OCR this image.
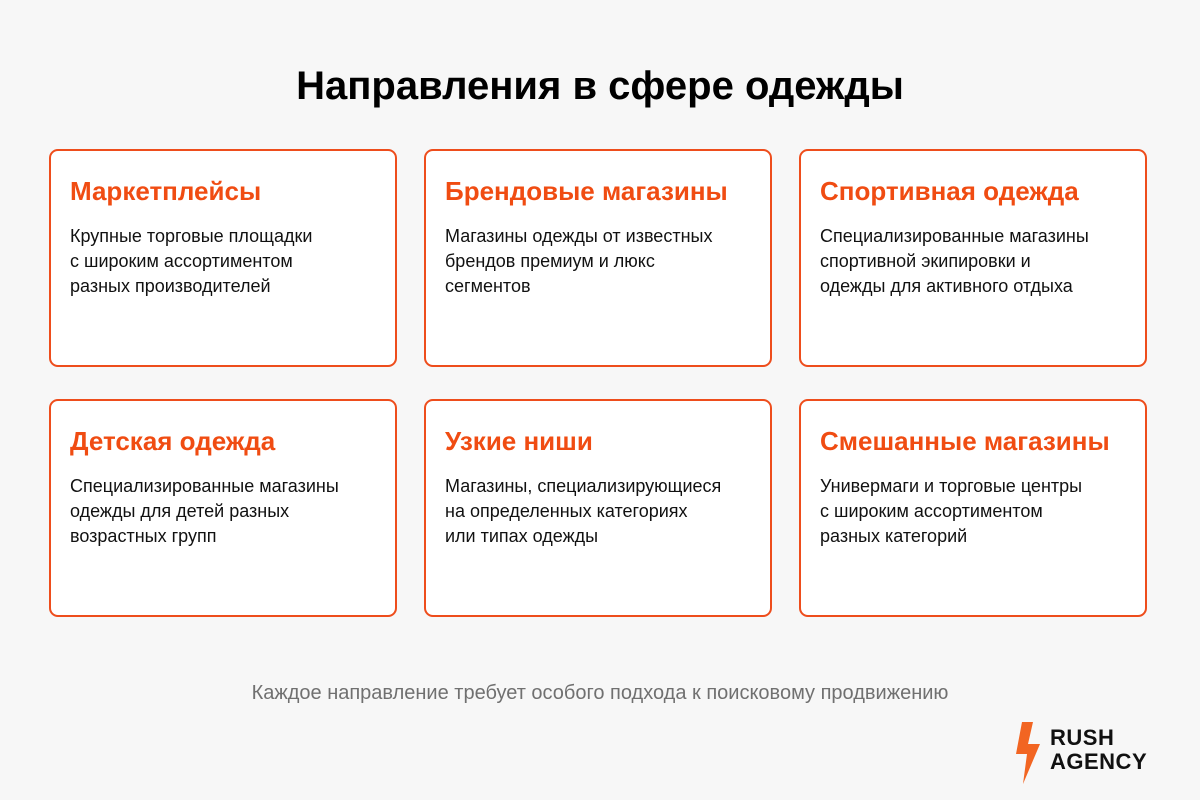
Направления в сфере одежды
Маркетплейсы
Крупные торговые площадки
с широким ассортиментом
разных производителей
Брендовые магазины
Магазины одежды от известных
брендов премиум и люкс
сегментов
Спортивная одежда
Специализированные магазины
спортивной экипировки и
одежды для активного отдыха
Детская одежда
Специализированные магазины
одежды для детей разных
возрастных групп
Узкие ниши
Магазины, специализирующиеся
на определенных категориях
или типах одежды
Смешанные магазины
Универмаги и торговые центры
с широким ассортиментом
разных категорий
Каждое направление требует особого подхода к поисковому продвижению
RUSH
AGENCY
